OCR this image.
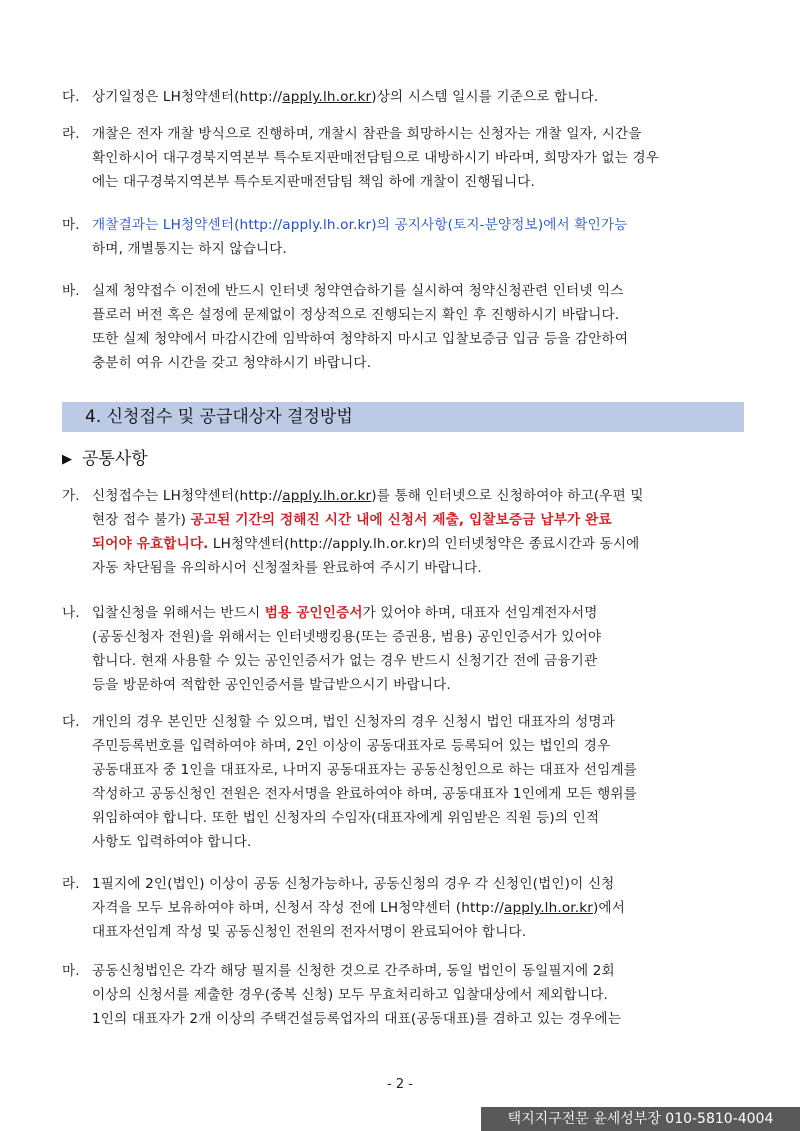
다. 상기일정은 LH청약센터(http://apply.lh.or.kr)상의 시스템 일시를 기준으로 합니다.
라. 개찰은 전자 개찰 방식으로 진행하며, 개찰시 참관을 희망하시는 신청자는 개찰 일자, 시간을
확인하시어 대구경북지역본부 특수토지판매전담팀으로 내방하시기 바라며, 희망자가 없는 경우
에는 대구경북지역본부 특수토지판매전담팀 책임 하에 개찰이 진행됩니다.
마. 개찰결과는 LH청약센터(http://apply.lh.or.kr)의 공지사항(토지-분양정보)에서 확인가능
하며, 개별통지는 하지 않습니다.
바. 실제 청약접수 이전에 반드시 인터넷 청약연습하기를 실시하여 청약신청관련 인터넷 익스
플로러 버전 혹은 설정에 문제없이 정상적으로 진행되는지 확인 후 진행하시기 바랍니다.
또한 실제 청약에서 마감시간에 임박하여 청약하지 마시고 입찰보증금 입금 등을 감안하여
충분히 여유 시간을 갖고 청약하시기 바랍니다.
4. 신청접수 및 공급대상자 결정방법
▶ 공통사항
가. 신청접수는 LH청약센터(http://apply.lh.or.kr)를 통해 인터넷으로 신청하여야 하고(우편 및
현장 접수 불가) 공고된 기간의 정해진 시간 내에 신청서 제출, 입찰보증금 납부가 완료
되어야 유효합니다. LH청약센터(http://apply.lh.or.kr)의 인터넷청약은 종료시간과 동시에
자동 차단됨을 유의하시어 신청절차를 완료하여 주시기 바랍니다.
나. 입찰신청을 위해서는 반드시 범용 공인인증서가 있어야 하며, 대표자 선임계전자서명
(공동신청자 전원)을 위해서는 인터넷뱅킹용(또는 증권용, 범용) 공인인증서가 있어야
합니다. 현재 사용할 수 있는 공인인증서가 없는 경우 반드시 신청기간 전에 금융기관
등을 방문하여 적합한 공인인증서를 발급받으시기 바랍니다.
다. 개인의 경우 본인만 신청할 수 있으며, 법인 신청자의 경우 신청시 법인 대표자의 성명과
주민등록번호를 입력하여야 하며, 2인 이상이 공동대표자로 등록되어 있는 법인의 경우
공동대표자 중 1인을 대표자로, 나머지 공동대표자는 공동신청인으로 하는 대표자 선임계를
작성하고 공동신청인 전원은 전자서명을 완료하여야 하며, 공동대표자 1인에게 모든 행위를
위임하여야 합니다. 또한 법인 신청자의 수임자(대표자에게 위임받은 직원 등)의 인적
사항도 입력하여야 합니다.
라. 1필지에 2인(법인) 이상이 공동 신청가능하나, 공동신청의 경우 각 신청인(법인)이 신청
자격을 모두 보유하여야 하며, 신청서 작성 전에 LH청약센터 (http://apply.lh.or.kr)에서
대표자선임계 작성 및 공동신청인 전원의 전자서명이 완료되어야 합니다.
마. 공동신청법인은 각각 해당 필지를 신청한 것으로 간주하며, 동일 법인이 동일필지에 2회
이상의 신청서를 제출한 경우(중복 신청) 모두 무효처리하고 입찰대상에서 제외합니다.
1인의 대표자가 2개 이상의 주택건설등록업자의 대표(공동대표)를 겸하고 있는 경우에는
- 2 -
택지지구전문 윤세성부장 010-5810-4004
